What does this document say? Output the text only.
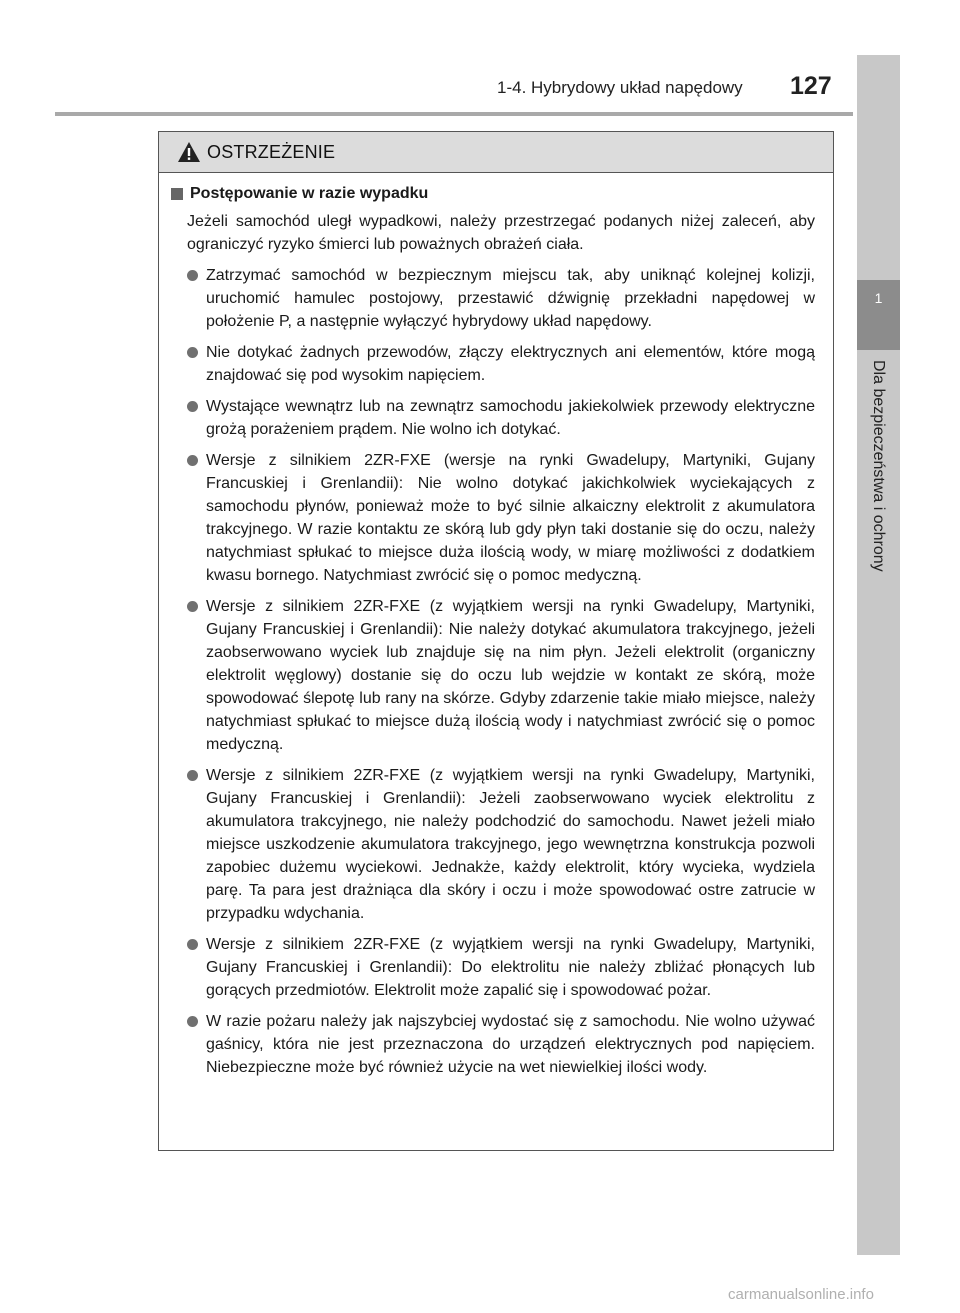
1-4. Hybrydowy układ napędowy 127
1
Dla bezpieczeństwa i ochrony
OSTRZEŻENIE
Postępowanie w razie wypadku

Jeżeli samochód uległ wypadkowi, należy przestrzegać podanych niżej zaleceń, aby ograniczyć ryzyko śmierci lub poważnych obrażeń ciała.

Zatrzymać samochód w bezpiecznym miejscu tak, aby uniknąć kolejnej kolizji, uruchomić hamulec postojowy, przestawić dźwignię przekładni napędowej w położenie P, a następnie wyłączyć hybrydowy układ napędowy.
Nie dotykać żadnych przewodów, złączy elektrycznych ani elementów, które mogą znajdować się pod wysokim napięciem.
Wystające wewnątrz lub na zewnątrz samochodu jakiekolwiek przewody elektryczne grożą porażeniem prądem. Nie wolno ich dotykać.
Wersje z silnikiem 2ZR-FXE (wersje na rynki Gwadelupy, Martyniki, Gujany Francuskiej i Grenlandii): Nie wolno dotykać jakichkolwiek wyciekających z samochodu płynów, ponieważ może to być silnie alkaiczny elektrolit z akumulatora trakcyjnego. W razie kontaktu ze skórą lub gdy płyn taki dostanie się do oczu, należy natychmiast spłukać to miejsce duża ilością wody, w miarę możliwości z dodatkiem kwasu bornego. Natychmiast zwrócić się o pomoc medyczną.
Wersje z silnikiem 2ZR-FXE (z wyjątkiem wersji na rynki Gwadelupy, Martyniki, Gujany Francuskiej i Grenlandii): Nie należy dotykać akumulatora trakcyjnego, jeżeli zaobserwowano wyciek lub znajduje się na nim płyn. Jeżeli elektrolit (organiczny elektrolit węglowy) dostanie się do oczu lub wejdzie w kontakt ze skórą, może spowodować ślepotę lub rany na skórze. Gdyby zdarzenie takie miało miejsce, należy natychmiast spłukać to miejsce dużą ilością wody i natychmiast zwrócić się o pomoc medyczną.
Wersje z silnikiem 2ZR-FXE (z wyjątkiem wersji na rynki Gwadelupy, Martyniki, Gujany Francuskiej i Grenlandii): Jeżeli zaobserwowano wyciek elektrolitu z akumulatora trakcyjnego, nie należy podchodzić do samochodu. Nawet jeżeli miało miejsce uszkodzenie akumulatora trakcyjnego, jego wewnętrzna konstrukcja pozwoli zapobiec dużemu wyciekowi. Jednakże, każdy elektrolit, który wycieka, wydziela parę. Ta para jest drażniąca dla skóry i oczu i może spowodować ostre zatrucie w przypadku wdychania.
Wersje z silnikiem 2ZR-FXE (z wyjątkiem wersji na rynki Gwadelupy, Martyniki, Gujany Francuskiej i Grenlandii): Do elektrolitu nie należy zbliżać płonących lub gorących przedmiotów. Elektrolit może zapalić się i spowodować pożar.
W razie pożaru należy jak najszybciej wydostać się z samochodu. Nie wolno używać gaśnicy, która nie jest przeznaczona do urządzeń elektrycznych pod napięciem. Niebezpieczne może być również użycie na wet niewielkiej ilości wody.
carmanualsonline.info
